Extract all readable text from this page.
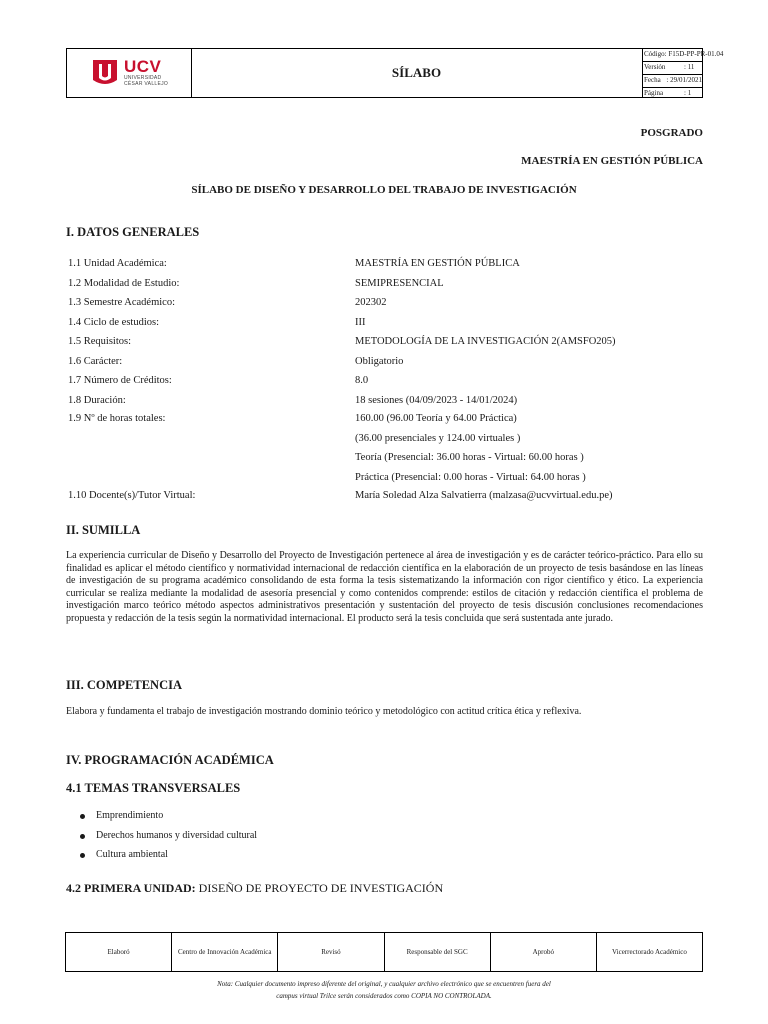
UCV
UNIVERSIDAD
CÉSAR VALLEJO
SÍLABO
Código : F15D-PP-PR-01.04
Versión	: 11
Fecha : 29/01/2021
Página	: 1
POSGRADO
MAESTRÍA EN GESTIÓN PÚBLICA
SÍLABO DE DISEÑO Y DESARROLLO DEL TRABAJO DE INVESTIGACIÓN
I. DATOS GENERALES
1.1 Unidad Académica:	MAESTRÍA EN GESTIÓN PÚBLICA
1.2 Modalidad de Estudio:	SEMIPRESENCIAL
1.3 Semestre Académico:	202302
1.4 Ciclo de estudios:	III
1.5 Requisitos:	METODOLOGÍA DE LA INVESTIGACIÓN 2(AMSFO205)
1.6 Carácter:	Obligatorio
1.7 Número de Créditos:	8.0
1.8 Duración:	18 sesiones (04/09/2023 - 14/01/2024)
1.9 Nº de horas totales:	160.00 (96.00 Teoría y 64.00 Práctica)
(36.00 presenciales y 124.00 virtuales )
Teoría (Presencial: 36.00 horas - Virtual: 60.00 horas )
Práctica (Presencial: 0.00 horas - Virtual: 64.00 horas )
1.10 Docente(s)/Tutor Virtual:	María Soledad Alza Salvatierra (malzasa@ucvvirtual.edu.pe)
II. SUMILLA
La experiencia curricular de Diseño y Desarrollo del Proyecto de Investigación pertenece al área de investigación y es de carácter teórico-práctico. Para ello su finalidad es aplicar el método científico y normatividad internacional de redacción científica en la elaboración de un proyecto de tesis basándose en las líneas de investigación de su programa académico consolidando de esta forma la tesis sistematizando la información con rigor científico y ético. La experiencia curricular se realiza mediante la modalidad de asesoría presencial y como contenidos comprende: estilos de citación y redacción científica el problema de investigación marco teórico método aspectos administrativos presentación y sustentación del proyecto de tesis discusión conclusiones recomendaciones propuesta y redacción de la tesis según la normatividad internacional. El producto será la tesis concluida que será sustentada ante jurado.
III. COMPETENCIA
Elabora y fundamenta el trabajo de investigación mostrando dominio teórico y metodológico con actitud crítica ética y reflexiva.
IV. PROGRAMACIÓN ACADÉMICA
4.1 TEMAS TRANSVERSALES
Emprendimiento
Derechos humanos y diversidad cultural
Cultura ambiental
4.2 PRIMERA UNIDAD: DISEÑO DE PROYECTO DE INVESTIGACIÓN
Elaboró	Centro de Innovación Académica	Revisó	Responsable del SGC	Aprobó	Vicerrectorado Académico
Nota: Cualquier documento impreso diferente del original, y cualquier archivo electrónico que se encuentren fuera del
campus virtual Trilce serán considerados como COPIA NO CONTROLADA.
